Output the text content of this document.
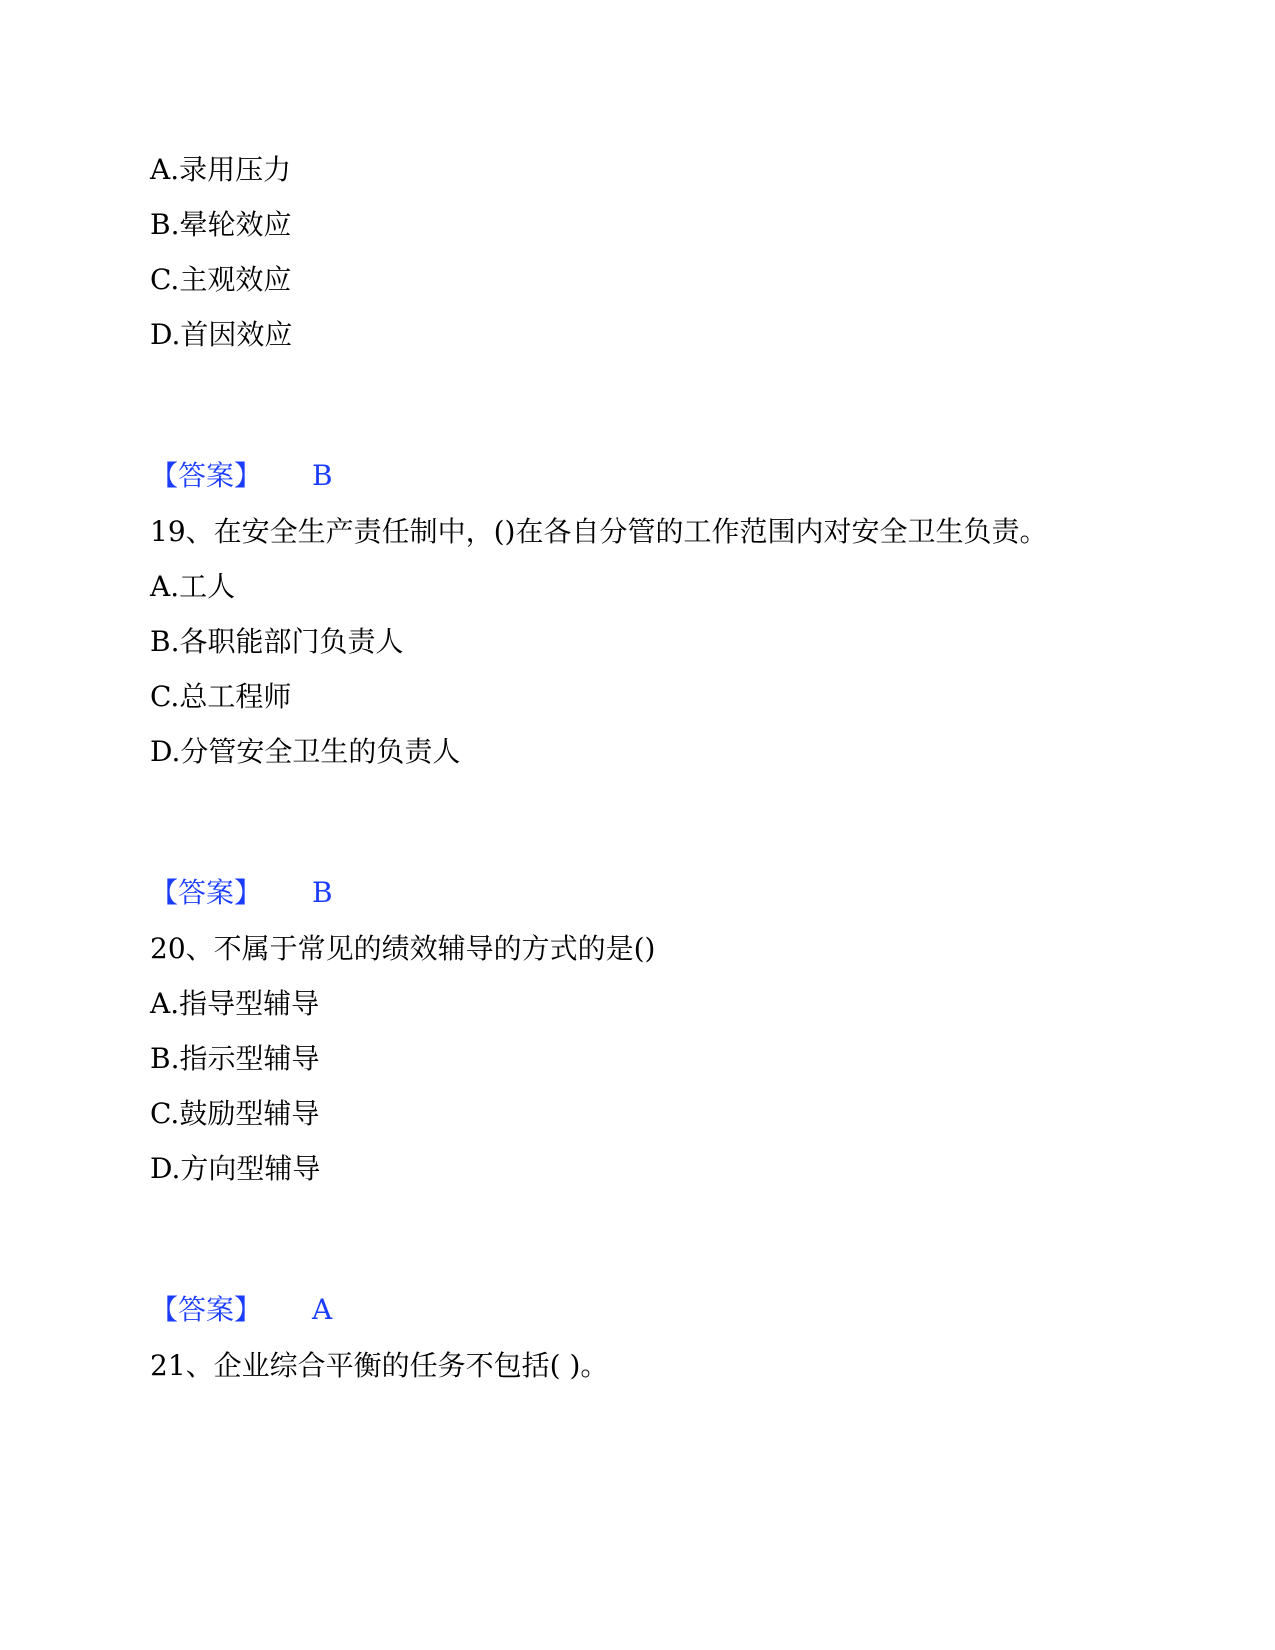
A.录用压力
B.晕轮效应
C.主观效应
D.首因效应
【答案】 B
19、在安全生产责任制中，()在各自分管的工作范围内对安全卫生负责。
A.工人
B.各职能部门负责人
C.总工程师
D.分管安全卫生的负责人
【答案】 B
20、不属于常见的绩效辅导的方式的是()
A.指导型辅导
B.指示型辅导
C.鼓励型辅导
D.方向型辅导
【答案】 A
21、企业综合平衡的任务不包括( )。
